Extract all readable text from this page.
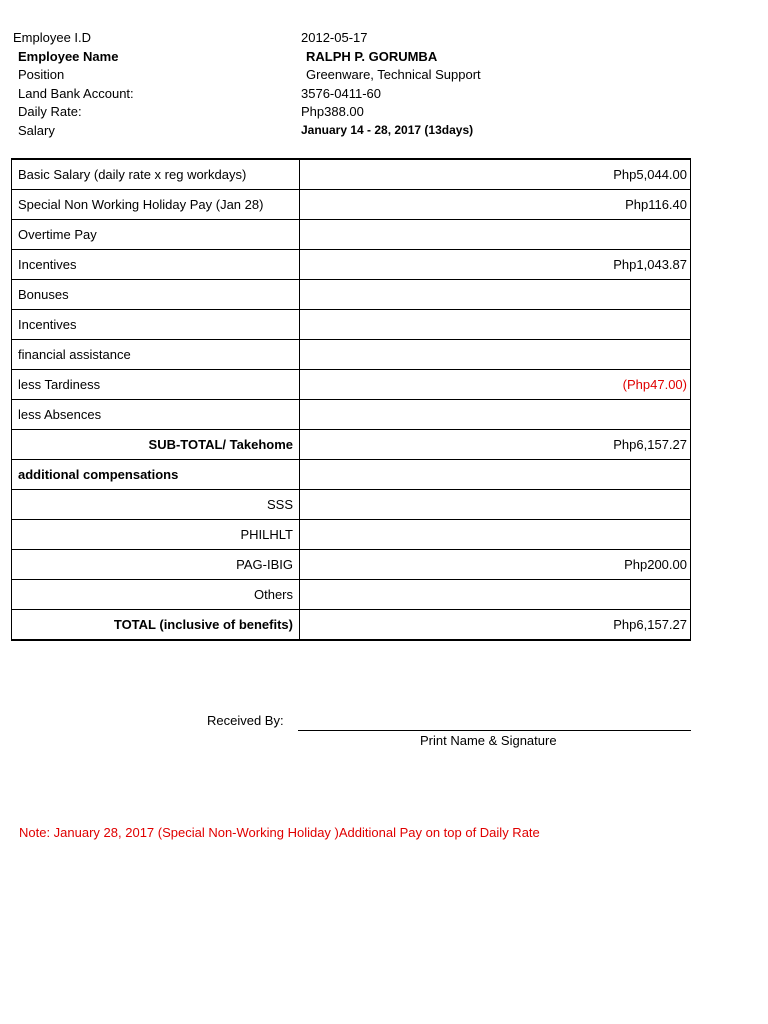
Employee I.D	2012-05-17
Employee Name	RALPH P. GORUMBA
Position	Greenware, Technical Support
Land Bank Account:	3576-0411-60
Daily Rate:	Php388.00
Salary	January 14 - 28, 2017 (13days)
Basic Salary (daily rate x reg workdays)	Php5,044.00
Special Non Working Holiday Pay (Jan 28)	Php116.40
Overtime Pay	
Incentives	Php1,043.87
Bonuses	
Incentives	
financial assistance	
less Tardiness	(Php47.00)
less Absences	
SUB-TOTAL/ Takehome	Php6,157.27
additional compensations	
SSS	
PHILHLT	
PAG-IBIG	Php200.00
Others	
TOTAL (inclusive of benefits)	Php6,157.27
Received By:
Print Name & Signature
Note: January 28, 2017 (Special Non-Working Holiday )Additional Pay on top of Daily Rate
